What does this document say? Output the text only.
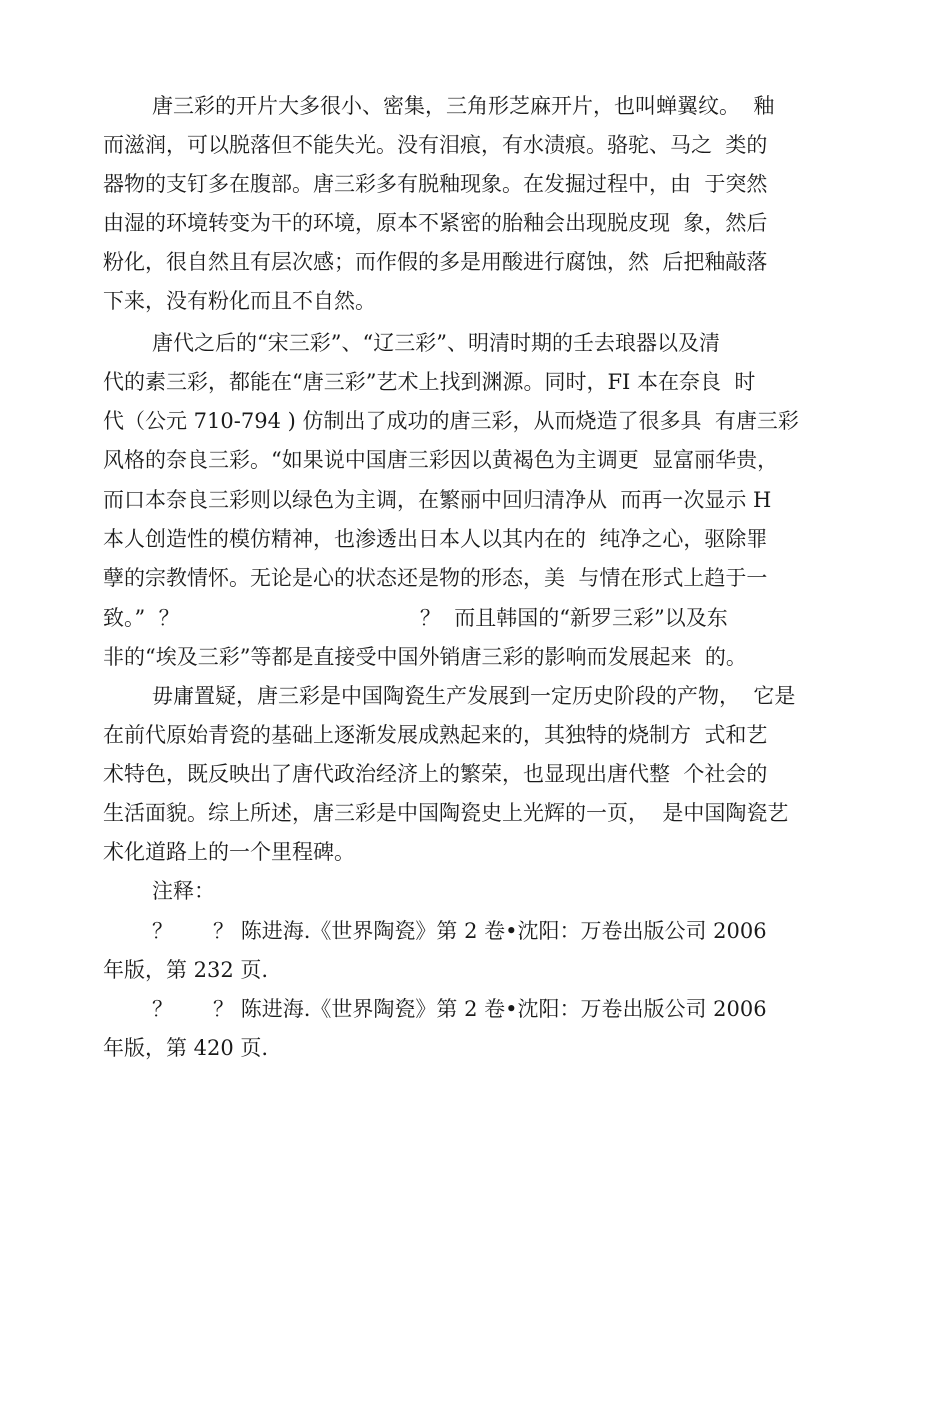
唐三彩的开片大多很小、密集，三角形芝麻开片，也叫蝉翼纹。  釉
而滋润，可以脱落但不能失光。没有泪痕，有水渍痕。骆驼、马之  类的
器物的支钉多在腹部。唐三彩多有脱釉现象。在发掘过程中，由  于突然
由湿的环境转变为干的环境，原本不紧密的胎釉会出现脱皮现  象，然后
粉化，很自然且有层次感；而作假的多是用酸进行腐蚀，然  后把釉敲落
下来，没有粉化而且不自然。
唐代之后的“宋三彩”、“辽三彩”、明清时期的壬去琅器以及清
代的素三彩，都能在“唐三彩”艺术上找到渊源。同时，FI 本在奈良  时
代（公元 710-794 ) 仿制出了成功的唐三彩，从而烧造了很多具  有唐三彩
风格的奈良三彩。“如果说中国唐三彩因以黄褐色为主调更  显富丽华贵，
而口本奈良三彩则以绿色为主调，在繁丽中回归清净从  而再一次显示 H
本人创造性的模仿精神，也渗透出日本人以其内在的  纯净之心，驱除罪
孽的宗教情怀。无论是心的状态还是物的形态，美  与情在形式上趋于一
致。”  ？                                    ？  而且韩国的“新罗三彩”以及东
非的“埃及三彩”等都是直接受中国外销唐三彩的影响而发展起来  的。
毋庸置疑，唐三彩是中国陶瓷生产发展到一定历史阶段的产物，  它是
在前代原始青瓷的基础上逐渐发展成熟起来的，其独特的烧制方  式和艺
术特色，既反映出了唐代政治经济上的繁荣，也显现出唐代整  个社会的
生活面貌。综上所述，唐三彩是中国陶瓷史上光辉的一页，  是中国陶瓷艺
术化道路上的一个里程碑。
注释：
？      ？ 陈进海.《世界陶瓷》第 2 卷•沈阳：万卷出版公司 2006
年版，第 232 页.
？      ？ 陈进海.《世界陶瓷》第 2 卷•沈阳：万卷出版公司 2006
年版，第 420 页.
